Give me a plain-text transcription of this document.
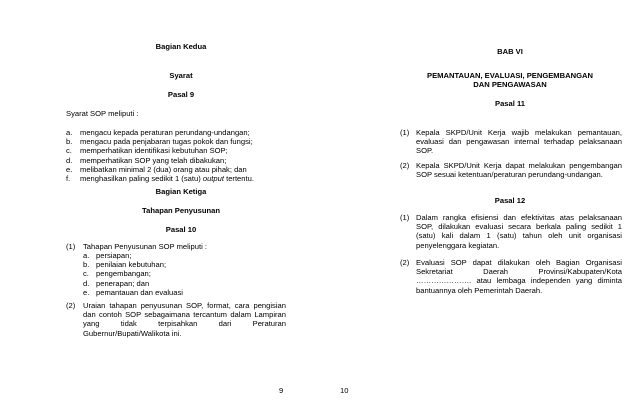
Bagian Kedua
Syarat
Pasal 9
Syarat SOP meliputi :
a. mengacu kepada peraturan perundang-undangan;
b. mengacu pada penjabaran tugas pokok dan fungsi;
c. memperhatikan identifikasi kebutuhan SOP;
d. memperhatikan SOP yang telah dibakukan;
e. melibatkan minimal 2 (dua) orang atau pihak; dan
f. menghasilkan paling sedikit 1 (satu) output tertentu.
Bagian Ketiga
Tahapan Penyusunan
Pasal 10
(1) Tahapan Penyusunan SOP meliputi :
a. persiapan;
b. penilaian kebutuhan;
c. pengembangan;
d. penerapan; dan
e. pemantauan dan evaluasi
(2) Uraian tahapan penyusunan SOP, format, cara pengisian dan contoh SOP sebagaimana tercantum dalam Lampiran yang tidak terpisahkan dari Peraturan Gubernur/Bupati/Walikota ini.
9
BAB VI
PEMANTAUAN, EVALUASI, PENGEMBANGAN
DAN PENGAWASAN
Pasal 11
(1) Kepala SKPD/Unit Kerja wajib melakukan pemantauan, evaluasi dan pengawasan internal terhadap pelaksanaan SOP.
(2) Kepala SKPD/Unit Kerja dapat melakukan pengembangan SOP sesuai ketentuan/peraturan perundang-undangan.
Pasal 12
(1) Dalam rangka efisiensi dan efektivitas atas pelaksanaan SOP, dilakukan evaluasi secara berkala paling sedikit 1 (satu) kali dalam 1 (satu) tahun oleh unit organisasi penyelenggara kegiatan.
(2) Evaluasi SOP dapat dilakukan oleh Bagian Organisasi Sekretariat Daerah Provinsi/Kabupaten/Kota …………………. atau lembaga independen yang diminta bantuannya oleh Pemerintah Daerah.
10
